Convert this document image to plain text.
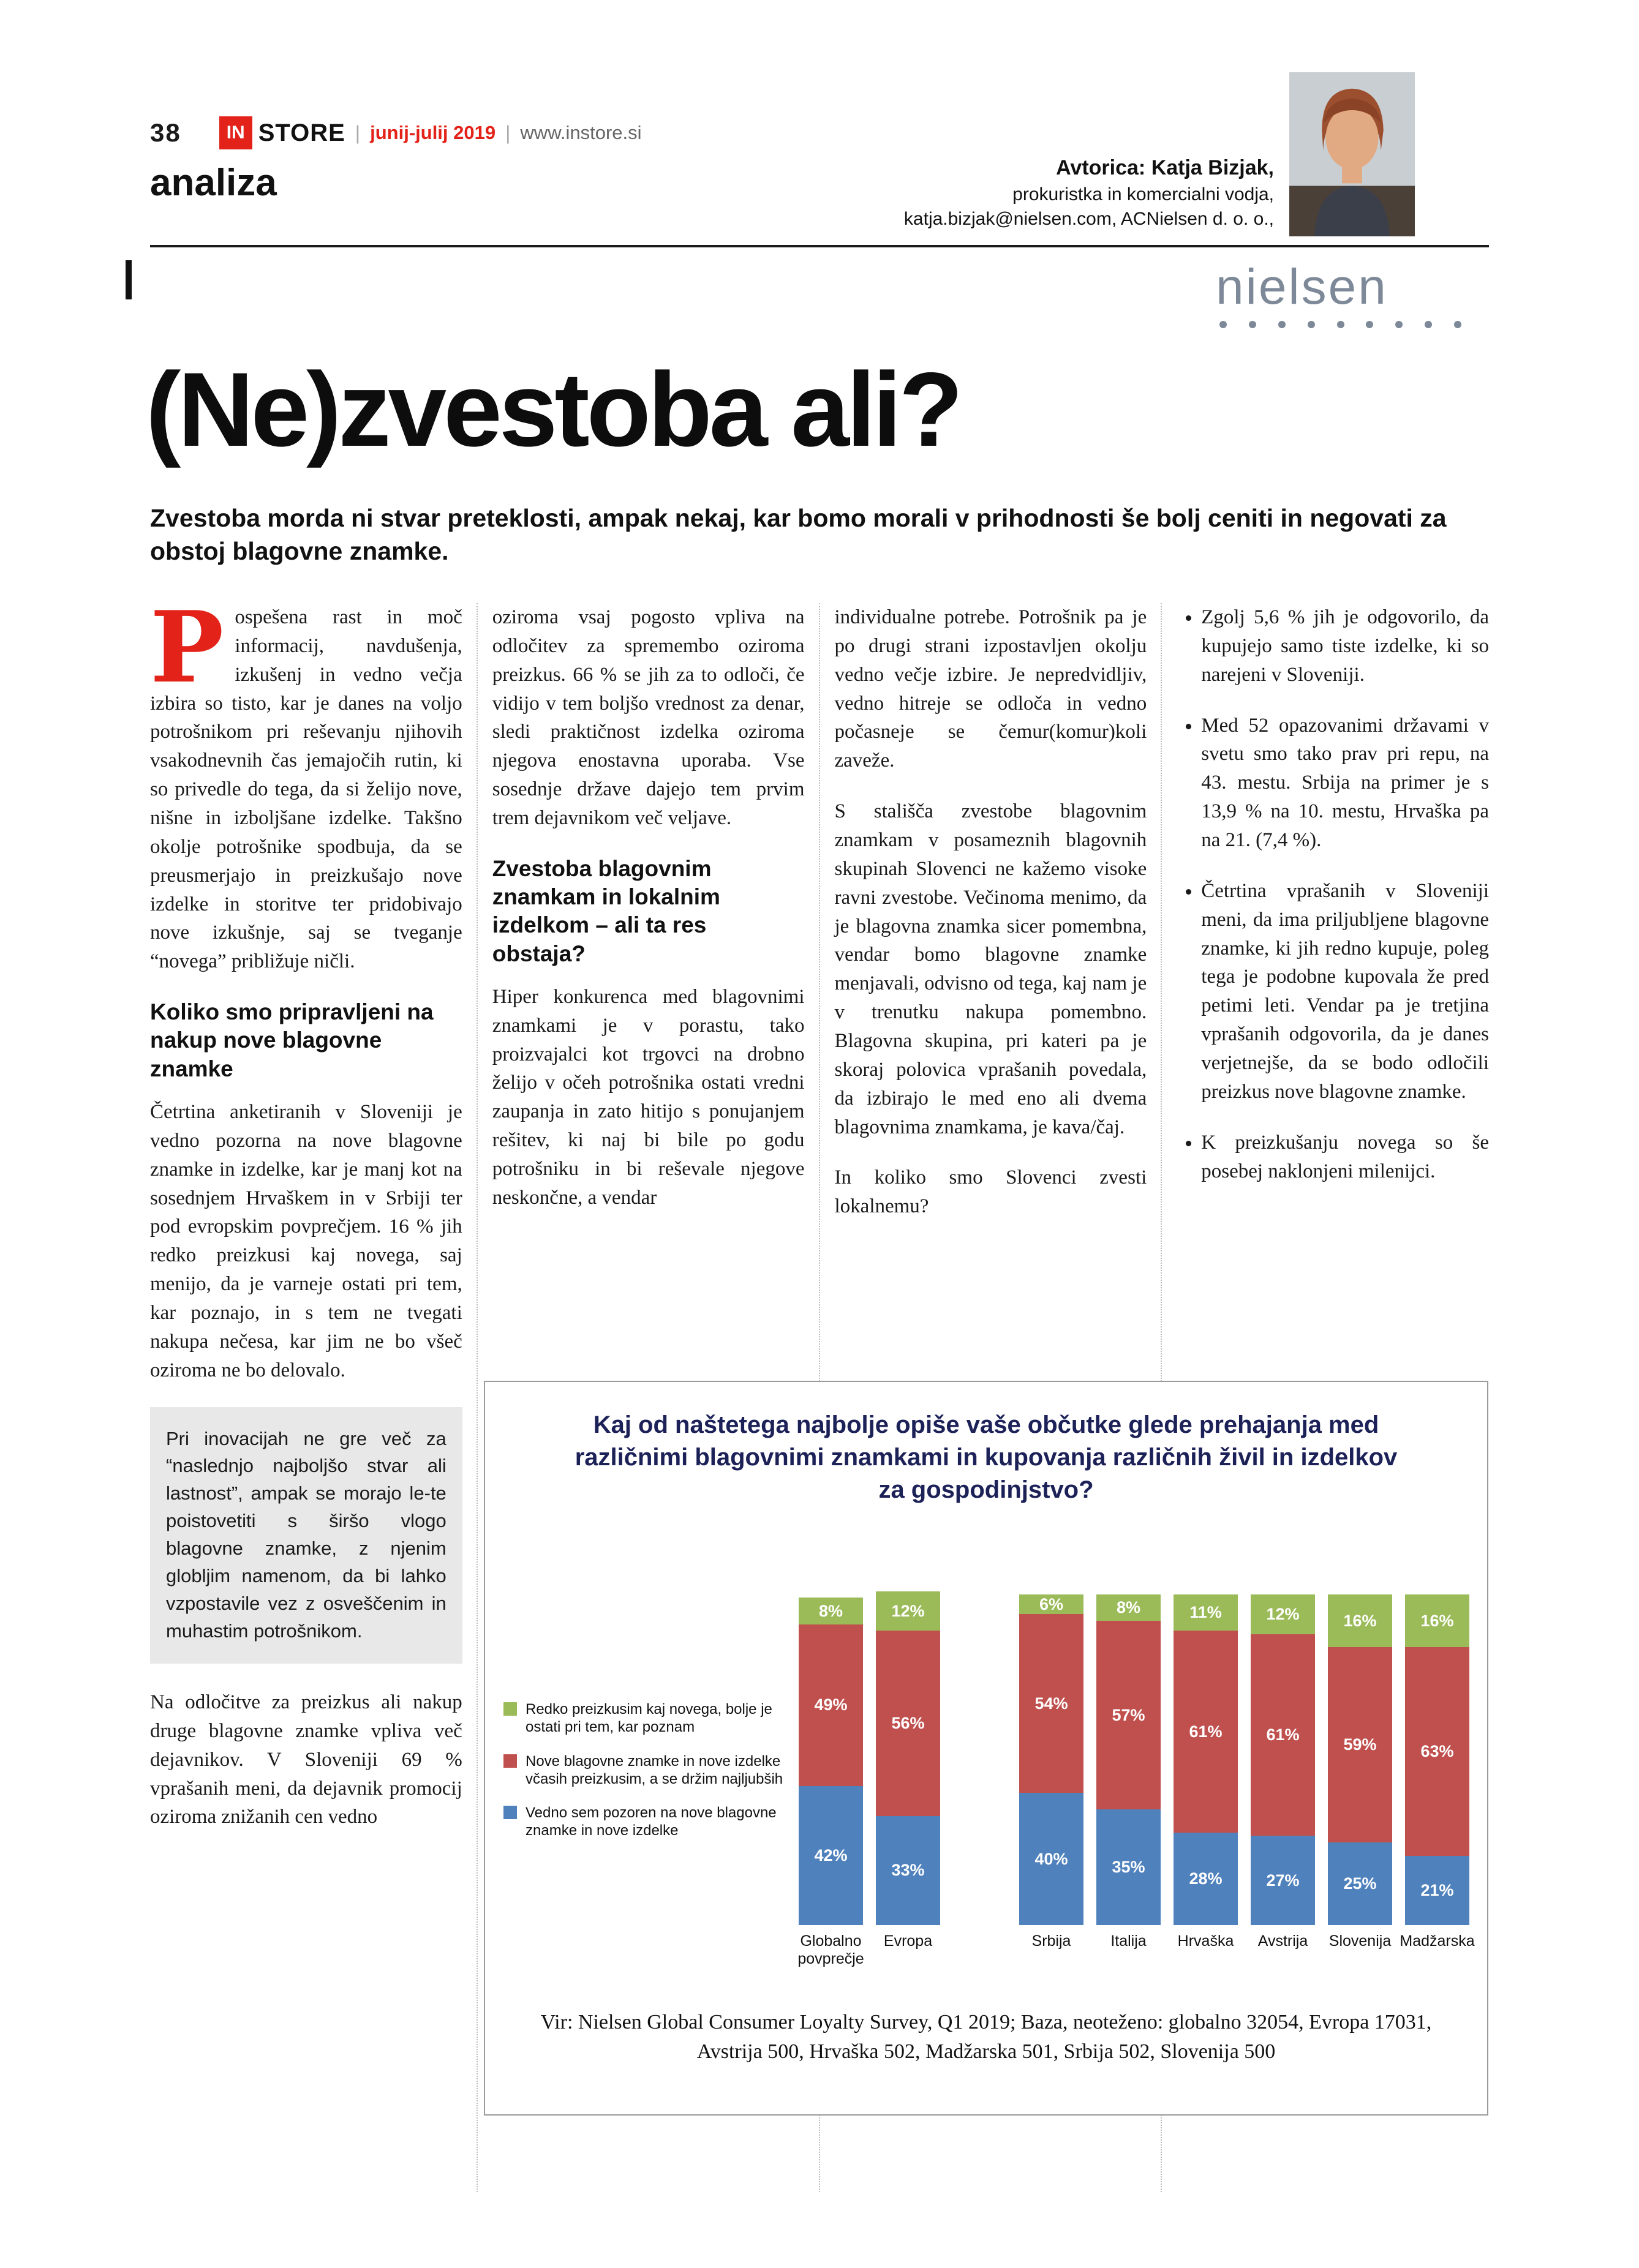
38	IN STORE | junij-julij 2019 | www.instore.si
analiza	Avtorica: Katja Bizjak,
prokuristka in komercialni vodja,
katja.bizjak@nielsen.com, ACNielsen d. o. o.,
nielsen
(Ne)zvestoba ali?

Zvestoba morda ni stvar preteklosti, ampak nekaj, kar bomo morali v prihodnosti še bolj ceniti in negovati za obstoj blagovne znamke.

Pospešena rast in moč informacij, navdušenja, izkušenj in vedno večja izbira so tisto, kar je danes na voljo potrošnikom pri reševanju njihovih vsakodnevnih čas jemajočih rutin, ki so privedle do tega, da si želijo nove, nišne in izboljšane izdelke. Takšno okolje potrošnike spodbuja, da se preusmerjajo in preizkušajo nove izdelke in storitve ter pridobivajo nove izkušnje, saj se tveganje “novega” približuje ničli.

Koliko smo pripravljeni na nakup nove blagovne znamke

Četrtina anketiranih v Sloveniji je vedno pozorna na nove blagovne znamke in izdelke, kar je manj kot na sosednjem Hrvaškem in v Srbiji ter pod evropskim povprečjem. 16 % jih redko preizkusi kaj novega, saj menijo, da je varneje ostati pri tem, kar poznajo, in s tem ne tvegati nakupa nečesa, kar jim ne bo všeč oziroma ne bo delovalo.

Pri inovacijah ne gre več za “naslednjo najboljšo stvar ali lastnost”, ampak se morajo le-te poistovetiti s širšo vlogo blagovne znamke, z njenim globljim namenom, da bi lahko vzpostavile vez z osveščenim in muhastim potrošnikom.

Na odločitve za preizkus ali nakup druge blagovne znamke vpliva več dejavnikov. V Sloveniji 69 % vprašanih meni, da dejavnik promocij oziroma znižanih cen vedno

oziroma vsaj pogosto vpliva na odločitev za spremembo oziroma preizkus. 66 % se jih za to odloči, če vidijo v tem boljšo vrednost za denar, sledi praktičnost izdelka oziroma njegova enostavna uporaba. Vse sosednje države dajejo tem prvim trem dejavnikom več veljave.

Zvestoba blagovnim znamkam in lokalnim izdelkom – ali ta res obstaja?

Hiper konkurenca med blagovnimi znamkami je v porastu, tako proizvajalci kot trgovci na drobno želijo v očeh potrošnika ostati vredni zaupanja in zato hitijo s ponujanjem rešitev, ki naj bi bile po godu potrošniku in bi reševale njegove neskončne, a vendar

individualne potrebe. Potrošnik pa je po drugi strani izpostavljen okolju vedno večje izbire. Je nepredvidljiv, vedno hitreje se odloča in vedno počasneje se čemur(komur)koli zaveže.

S stališča zvestobe blagovnim znamkam v posameznih blagovnih skupinah Slovenci ne kažemo visoke ravni zvestobe. Večinoma menimo, da je blagovna znamka sicer pomembna, vendar bomo blagovne znamke menjavali, odvisno od tega, kaj nam je v trenutku nakupa pomembno. Blagovna skupina, pri kateri pa je skoraj polovica vprašanih povedala, da izbirajo le med eno ali dvema blagovnima znamkama, je kava/čaj.

In koliko smo Slovenci zvesti lokalnemu?

• Zgolj 5,6 % jih je odgovorilo, da kupujejo samo tiste izdelke, ki so narejeni v Sloveniji.
• Med 52 opazovanimi državami v svetu smo tako prav pri repu, na 43. mestu. Srbija na primer je s 13,9 % na 10. mestu, Hrvaška pa na 21. (7,4 %).
• Četrtina vprašanih v Sloveniji meni, da ima priljubljene blagovne znamke, ki jih redno kupuje, poleg tega je podobne kupovala že pred petimi leti. Vendar pa je tretjina vprašanih odgovorila, da je danes verjetnejše, da se bodo odločili preizkus nove blagovne znamke.
• K preizkušanju novega so še posebej naklonjeni milenijci.
Kaj od naštetega najbolje opiše vaše občutke glede prehajanja med različnimi blagovnimi znamkami in kupovanja različnih živil in izdelkov za gospodinjstvo?
Redko preizkusim kaj novega, bolje je ostati pri tem, kar poznam
Nove blagovne znamke in nove izdelke včasih preizkusim, a se držim najljubših
Vedno sem pozoren na nove blagovne znamke in nove izdelke
42%
49%
8%
Globalno povprečje
33%
56%
12%
Evropa
40%
54%
6%
Srbija
35%
57%
8%
Italija
28%
61%
11%
Hrvaška
27%
61%
12%
Avstrija
25%
59%
16%
Slovenija
21%
63%
16%
Madžarska
Vir: Nielsen Global Consumer Loyalty Survey, Q1 2019; Baza, neoteženo: globalno 32054, Evropa 17031, Avstrija 500, Hrvaška 502, Madžarska 501, Srbija 502, Slovenija 500
